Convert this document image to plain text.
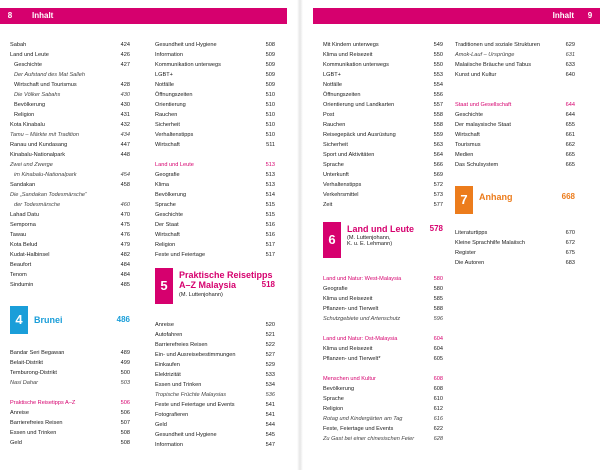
8	Inhalt	Inhalt	9
Sabah	424
Land und Leute	426
Geschichte	427
Der Aufstand des Mat Salleh
Wirtschaft und Tourismus	428
Die Völker Sabahs	430
Bevölkerung	430
Religion	431
Kota Kinabalu	432
Tamu – Märkte mit Tradition	434
Ranau und Kundasang	447
Kinabalu-Nationalpark	448
Zwei und Zwerge
im Kinabalu-Nationalpark	454
Sandakan	458
Die „Sandakan Todesmärsche“
der Todesmärsche	460
Lahad Datu	470
Semporna	475
Tawau	476
Kota Belud	479
Kudat-Halbinsel	482
Beaufort	484
Tenom	484
Sindumin	485
4	Brunei	486
Bandar Seri Begawan	489
Belait-Distrikt	499
Temburong-Distrikt	500
Nasi Dahar	503
Praktische Reisetipps A–Z	506
Anreise	506
Barrierefreies Reisen	507
Essen und Trinken	508
Geld	508
Gesundheit und Hygiene	508
Information	509
Kommunikation unterwegs	509
LGBT+	509
Notfälle	509
Öffnungszeiten	510
Orientierung	510
Rauchen	510
Sicherheit	510
Verhaltenstipps	510
Wirtschaft	511
Land und Leute	513
Geografie	513
Klima	513
Bevölkerung	514
Sprache	515
Geschichte	515
Der Staat	516
Wirtschaft	516
Religion	517
Feste und Feiertage	517
5
Praktische Reisetipps
A–Z Malaysia	518
(M. Luttenjohann)
Anreise	520
Autofahren	521
Barrierefreies Reisen	522
Ein- und Ausreisebestimmungen	527
Einkaufen	529
Elektrizität	533
Essen und Trinken	534
Tropische Früchte Malaysias	536
Feste und Feiertage und Events	541
Fotografieren	541
Geld	544
Gesundheit und Hygiene	545
Information	547
Mit Kindern unterwegs	549
Klima und Reisezeit	550
Kommunikation unterwegs	550
LGBT+	553
Notfälle	554
Öffnungszeiten	556
Orientierung und Landkarten	557
Post	558
Rauchen	558
Reisegepäck und Ausrüstung	559
Sicherheit	563
Sport und Aktivitäten	564
Sprache	566
Unterkunft	569
Verhaltenstipps	572
Verkehrsmittel	573
Zeit	577
6
Land und Leute 578
(M. Luttenjohann,
K. u. E. Lehmann)
Land und Natur: West-Malaysia	580
Geografie	580
Klima und Reisezeit	585
Pflanzen- und Tierwelt	588
Schutzgebiete und Artenschutz	596
Land und Natur: Ost-Malaysia	604
Klima und Reisezeit	604
Pflanzen- und Tierwelt*	605
Menschen und Kultur	608
Bevölkerung	608
Sprache	610
Religion	612
Rotag und Kindergärten am Tag	616
Feste, Feiertage und Events	622
Zu Gast bei einer chinesischen Feier	628
Traditionen und soziale Strukturen	629
Amok-Lauf – Ursprünge	631
Malaiische Bräuche und Tabus	633
Kunst und Kultur	640
Staat und Gesellschaft	644
Geschichte	644
Der malaysische Staat	655
Wirtschaft	661
Tourismus	662
Medien	665
Das Schulsystem	665
7	Anhang	668
Literaturtipps	670
Kleine Sprachhilfe Malaiisch	672
Register	675
Die Autoren	683
